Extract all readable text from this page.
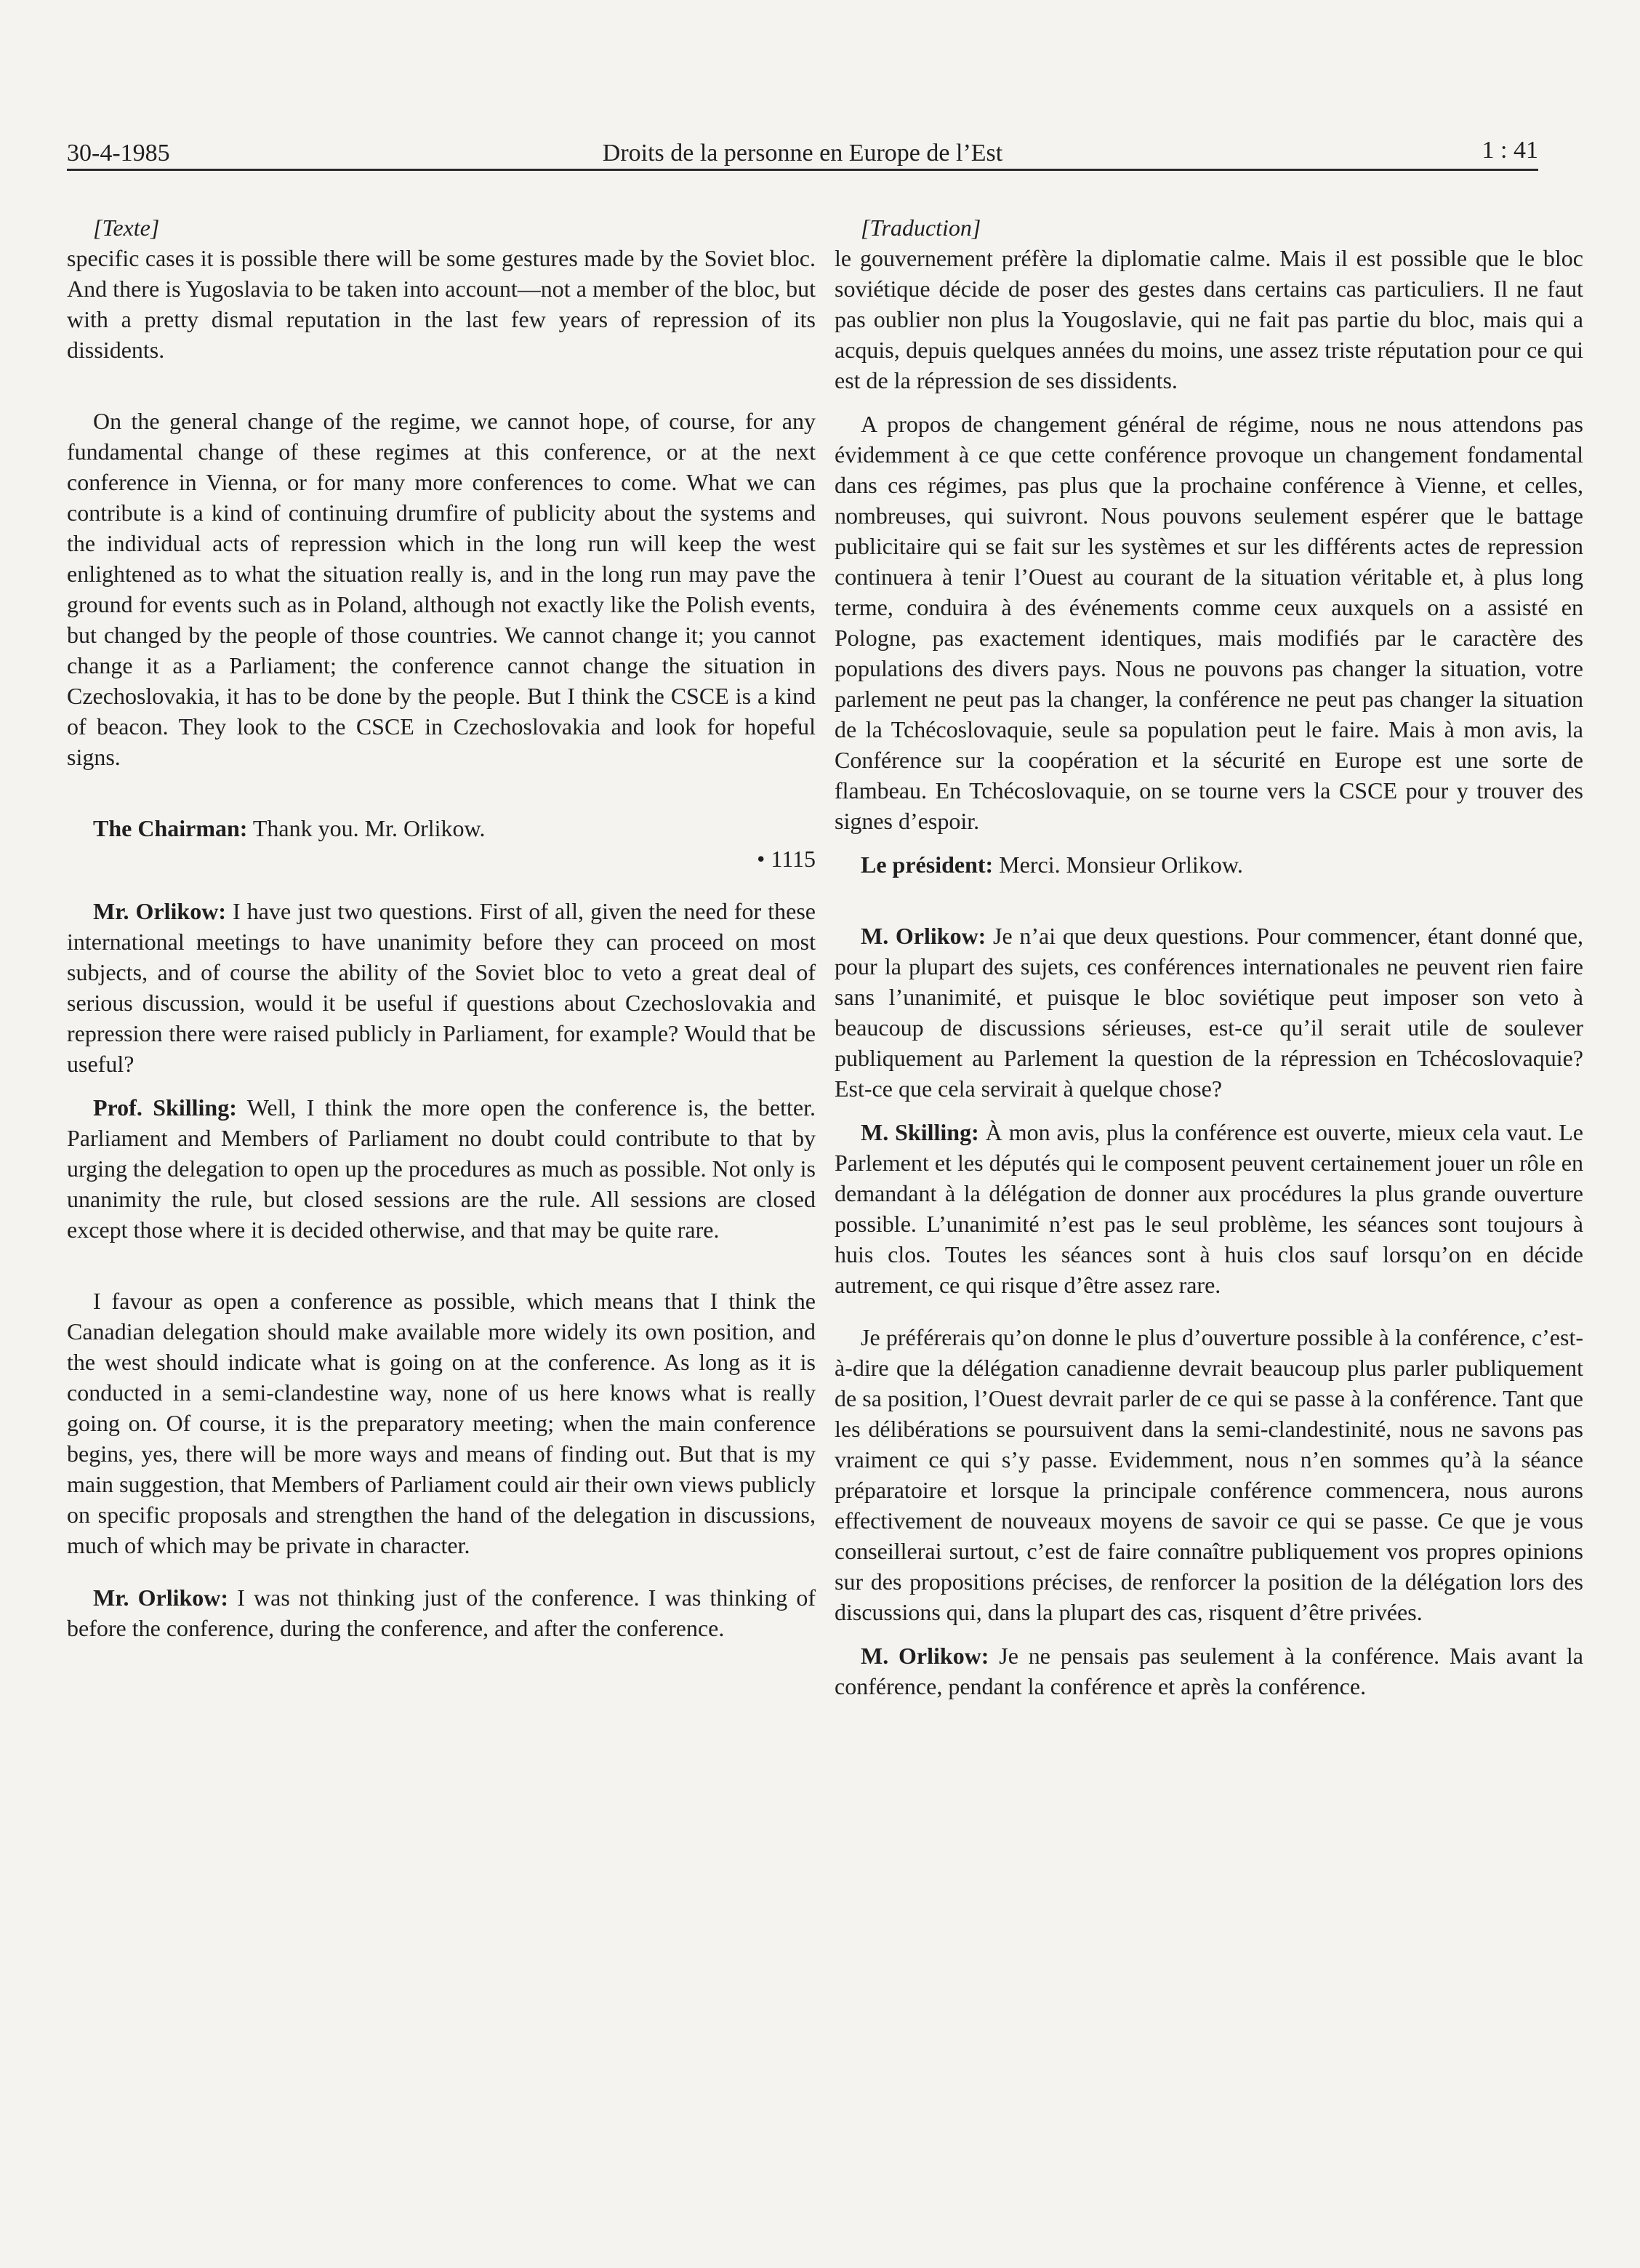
30-4-1985	Droits de la personne en Europe de l’Est	1 : 41

[Texte]

specific cases it is possible there will be some gestures made by the Soviet bloc. And there is Yugoslavia to be taken into account—not a member of the bloc, but with a pretty dismal reputation in the last few years of repression of its dissidents.

On the general change of the regime, we cannot hope, of course, for any fundamental change of these regimes at this conference, or at the next conference in Vienna, or for many more conferences to come. What we can contribute is a kind of continuing drumfire of publicity about the systems and the individual acts of repression which in the long run will keep the west enlightened as to what the situation really is, and in the long run may pave the ground for events such as in Poland, although not exactly like the Polish events, but changed by the people of those countries. We cannot change it; you cannot change it as a Parliament; the conference cannot change the situation in Czechoslovakia, it has to be done by the people. But I think the CSCE is a kind of beacon. They look to the CSCE in Czechoslovakia and look for hopeful signs.

The Chairman: Thank you. Mr. Orlikow.

• 1115

Mr. Orlikow: I have just two questions. First of all, given the need for these international meetings to have unanimity before they can proceed on most subjects, and of course the ability of the Soviet bloc to veto a great deal of serious discussion, would it be useful if questions about Czechoslovakia and repression there were raised publicly in Parliament, for example? Would that be useful?

Prof. Skilling: Well, I think the more open the conference is, the better. Parliament and Members of Parliament no doubt could contribute to that by urging the delegation to open up the procedures as much as possible. Not only is unanimity the rule, but closed sessions are the rule. All sessions are closed except those where it is decided otherwise, and that may be quite rare.

I favour as open a conference as possible, which means that I think the Canadian delegation should make available more widely its own position, and the west should indicate what is going on at the conference. As long as it is conducted in a semi-clandestine way, none of us here knows what is really going on. Of course, it is the preparatory meeting; when the main conference begins, yes, there will be more ways and means of finding out. But that is my main suggestion, that Members of Parliament could air their own views publicly on specific proposals and strengthen the hand of the delegation in discussions, much of which may be private in character.

Mr. Orlikow: I was not thinking just of the conference. I was thinking of before the conference, during the conference, and after the conference.

[Traduction]

le gouvernement préfère la diplomatie calme. Mais il est possible que le bloc soviétique décide de poser des gestes dans certains cas particuliers. Il ne faut pas oublier non plus la Yougoslavie, qui ne fait pas partie du bloc, mais qui a acquis, depuis quelques années du moins, une assez triste réputation pour ce qui est de la répression de ses dissidents.

A propos de changement général de régime, nous ne nous attendons pas évidemment à ce que cette conférence provoque un changement fondamental dans ces régimes, pas plus que la prochaine conférence à Vienne, et celles, nombreuses, qui suivront. Nous pouvons seulement espérer que le battage publicitaire qui se fait sur les systèmes et sur les différents actes de repression continuera à tenir l’Ouest au courant de la situation véritable et, à plus long terme, conduira à des événements comme ceux auxquels on a assisté en Pologne, pas exactement identiques, mais modifiés par le caractère des populations des divers pays. Nous ne pouvons pas changer la situation, votre parlement ne peut pas la changer, la conférence ne peut pas changer la situation de la Tchécoslovaquie, seule sa population peut le faire. Mais à mon avis, la Conférence sur la coopération et la sécurité en Europe est une sorte de flambeau. En Tchécoslovaquie, on se tourne vers la CSCE pour y trouver des signes d’espoir.

Le président: Merci. Monsieur Orlikow.

M. Orlikow: Je n’ai que deux questions. Pour commencer, étant donné que, pour la plupart des sujets, ces conférences internationales ne peuvent rien faire sans l’unanimité, et puisque le bloc soviétique peut imposer son veto à beaucoup de discussions sérieuses, est-ce qu’il serait utile de soulever publiquement au Parlement la question de la répression en Tchécoslovaquie? Est-ce que cela servirait à quelque chose?

M. Skilling: À mon avis, plus la conférence est ouverte, mieux cela vaut. Le Parlement et les députés qui le composent peuvent certainement jouer un rôle en demandant à la délégation de donner aux procédures la plus grande ouverture possible. L’unanimité n’est pas le seul problème, les séances sont toujours à huis clos. Toutes les séances sont à huis clos sauf lorsqu’on en décide autrement, ce qui risque d’être assez rare.

Je préférerais qu’on donne le plus d’ouverture possible à la conférence, c’est-à-dire que la délégation canadienne devrait beaucoup plus parler publiquement de sa position, l’Ouest devrait parler de ce qui se passe à la conférence. Tant que les délibérations se poursuivent dans la semi-clandestinité, nous ne savons pas vraiment ce qui s’y passe. Evidemment, nous n’en sommes qu’à la séance préparatoire et lorsque la principale conférence commencera, nous aurons effectivement de nouveaux moyens de savoir ce qui se passe. Ce que je vous conseillerai surtout, c’est de faire connaître publiquement vos propres opinions sur des propositions précises, de renforcer la position de la délégation lors des discussions qui, dans la plupart des cas, risquent d’être privées.

M. Orlikow: Je ne pensais pas seulement à la conférence. Mais avant la conférence, pendant la conférence et après la conférence.
